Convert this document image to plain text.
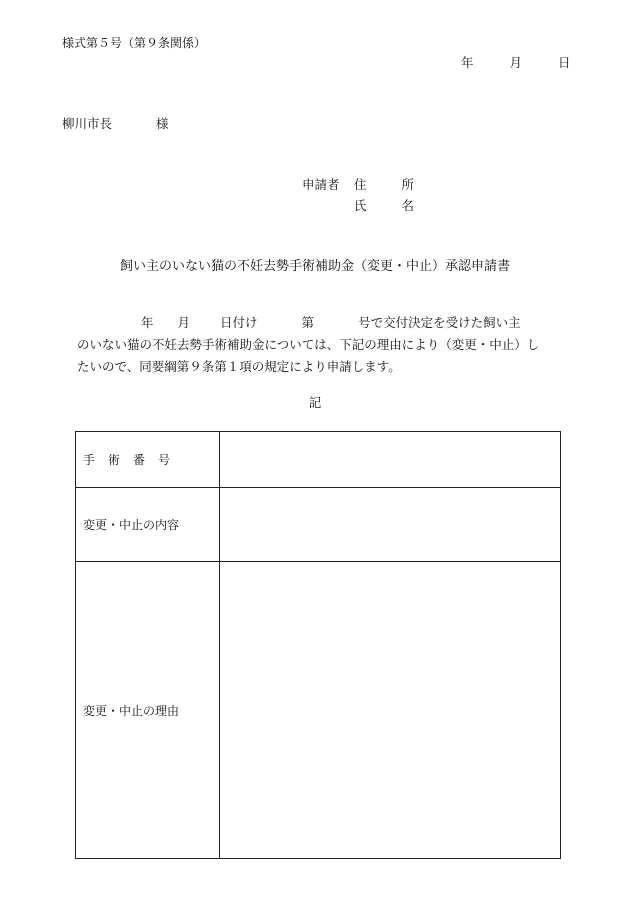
様式第５号（第９条関係）
年	月	日
柳川市長	様
申請者	住	所
氏	名
飼い主のいない猫の不妊去勢手術補助金（変更・中止）承認申請書
年 月 日付け	第	号で交付決定を受けた飼い主
のいない猫の不妊去勢手術補助金については、下記の理由により（変更・中止）し
たいので、同要綱第９条第１項の規定により申請します。
記
手術番号	
変更・中止の内容	
変更・中止の理由	
